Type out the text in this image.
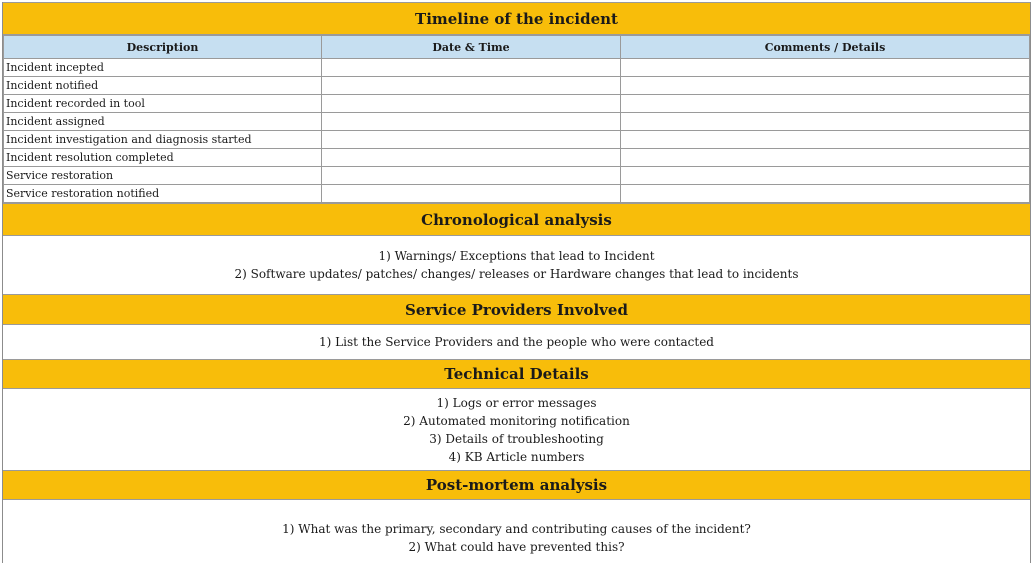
Timeline of the incident
Description	Date & Time	Comments / Details
Incident incepted		
Incident notified		
Incident recorded in tool		
Incident assigned		
Incident investigation and diagnosis started		
Incident resolution completed		
Service restoration		
Service restoration notified		
Chronological analysis
1) Warnings/ Exceptions that lead to Incident
2) Software updates/ patches/ changes/ releases or Hardware changes that lead to incidents
Service Providers Involved
1) List the Service Providers and the people who were contacted
Technical Details
1) Logs or error messages
2) Automated monitoring notification
3) Details of troubleshooting
4) KB Article numbers
Post-mortem analysis
1) What was the primary, secondary and contributing causes of the incident?
2) What could have prevented this?
